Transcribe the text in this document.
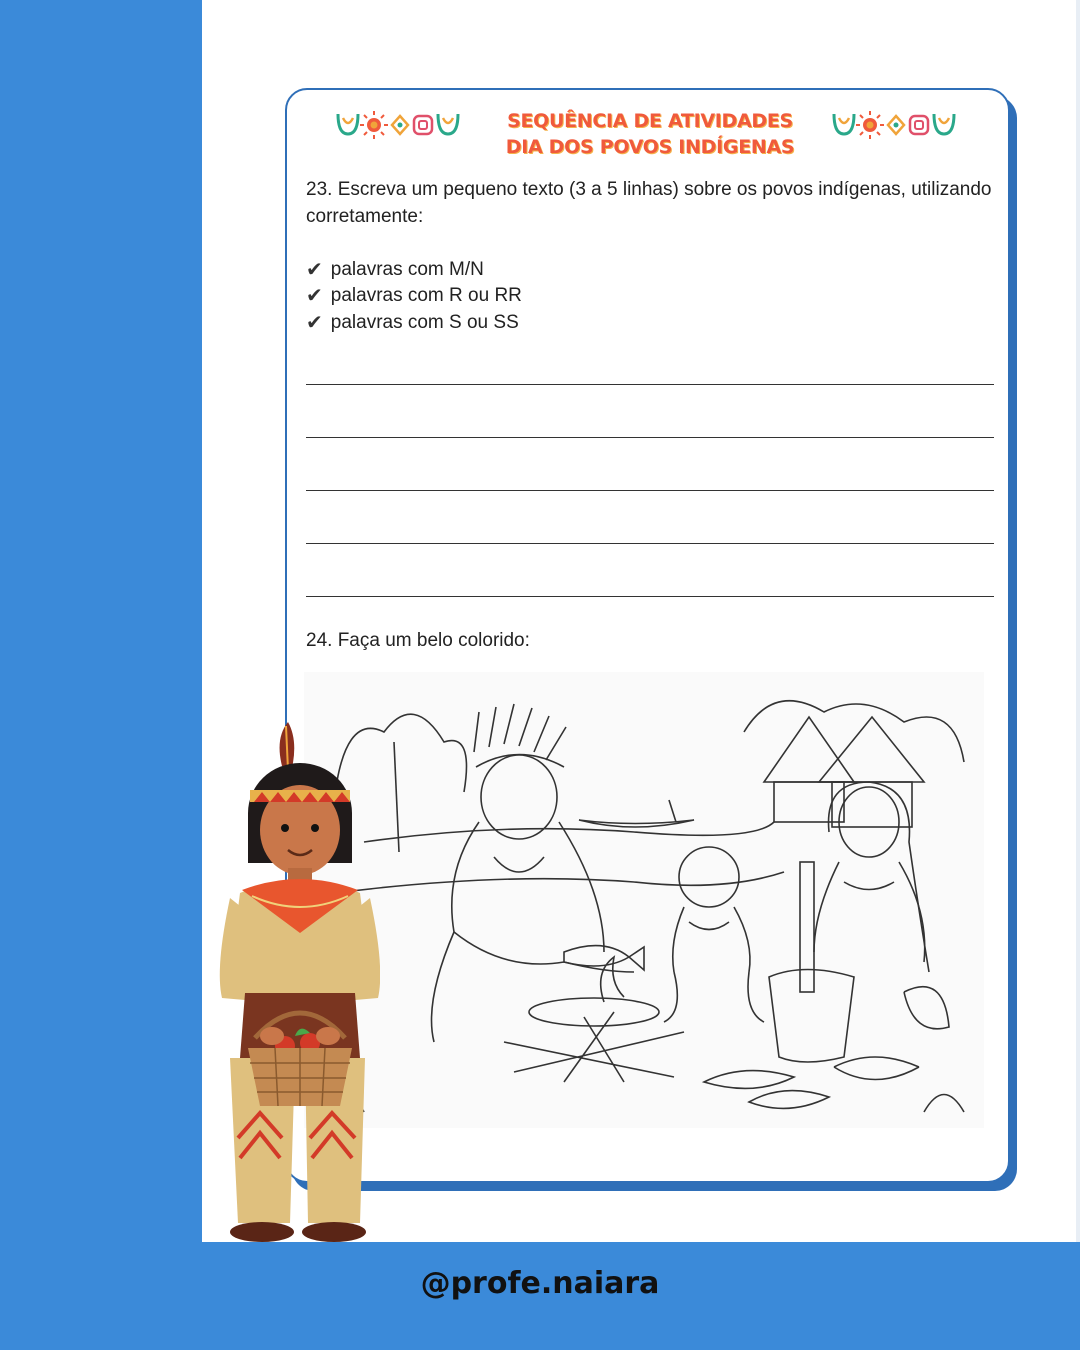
SEQUÊNCIA DE ATIVIDADES
DIA DOS POVOS INDÍGENAS
23. Escreva um pequeno texto (3 a 5 linhas) sobre os povos indígenas, utilizando corretamente:
✔ palavras com M/N
✔ palavras com R ou RR
✔ palavras com S ou SS
24. Faça um belo colorido:
@profe.naiara
